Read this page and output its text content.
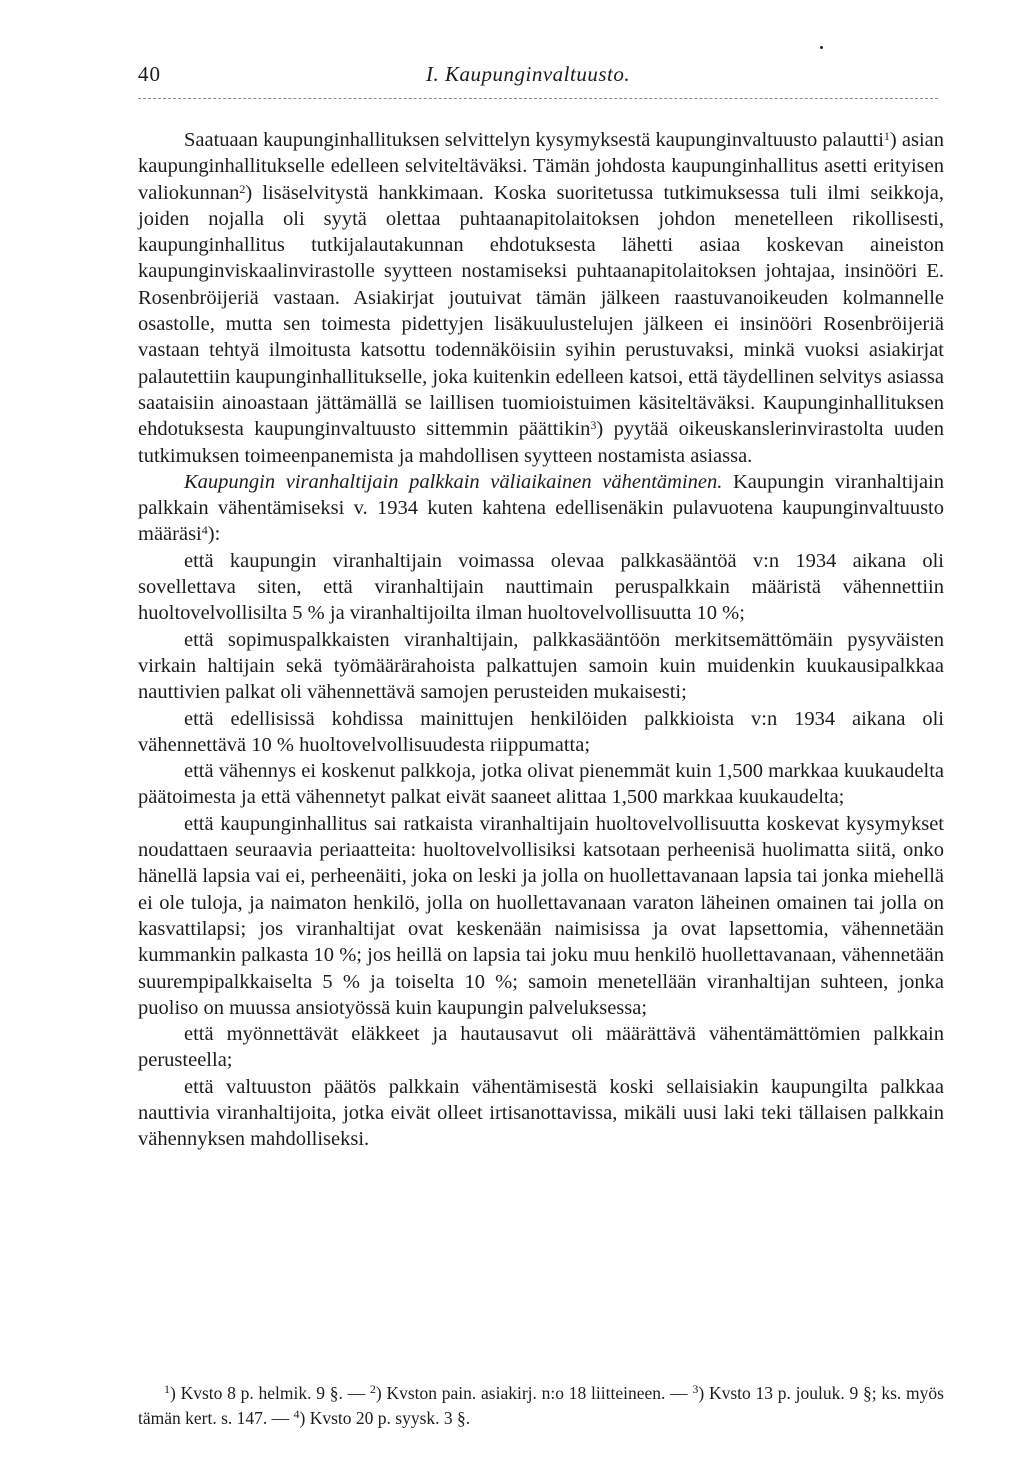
40	I. Kaupunginvaltuusto.

Saatuaan kaupunginhallituksen selvittelyn kysymyksestä kaupunginvaltuusto palautti$^1$) asian kaupunginhallitukselle edelleen selviteltäväksi. Tämän johdosta kaupunginhallitus asetti erityisen valiokunnan$^2$) lisäselvitystä hankkimaan. Koska suoritetussa tutkimuksessa tuli ilmi seikkoja, joiden nojalla oli syytä olettaa puhtaanapitolaitoksen johdon menetelleen rikollisesti, kaupunginhallitus tutkijalautakunnan ehdotuksesta lähetti asiaa koskevan aineiston kaupunginviskaalinvirastolle syytteen nostamiseksi puhtaanapitolaitoksen johtajaa, insinööri E. Rosenbröijeriä vastaan. Asiakirjat joutuivat tämän jälkeen raastuvanoikeuden kolmannelle osastolle, mutta sen toimesta pidettyjen lisäkuulustelujen jälkeen ei insinööri Rosenbröijeriä vastaan tehtyä ilmoitusta katsottu todennäköisiin syihin perustuvaksi, minkä vuoksi asiakirjat palautettiin kaupunginhallitukselle, joka kuitenkin edelleen katsoi, että täydellinen selvitys asiassa saataisiin ainoastaan jättämällä se laillisen tuomioistuimen käsiteltäväksi. Kaupunginhallituksen ehdotuksesta kaupunginvaltuusto sittemmin päättikin$^3$) pyytää oikeuskanslerinvirastolta uuden tutkimuksen toimeenpanemista ja mahdollisen syytteen nostamista asiassa.

Kaupungin viranhaltijain palkkain väliaikainen vähentäminen. Kaupungin viranhaltijain palkkain vähentämiseksi v. 1934 kuten kahtena edellisenäkin pulavuotena kaupunginvaltuusto määräsi$^4$):

että kaupungin viranhaltijain voimassa olevaa palkkasääntöä v:n 1934 aikana oli sovellettava siten, että viranhaltijain nauttimain peruspalkkain määristä vähennettiin huoltovelvollisilta 5 % ja viranhaltijoilta ilman huoltovelvollisuutta 10 %;

että sopimuspalkkaisten viranhaltijain, palkkasääntöön merkitsemättömäin pysyväisten virkain haltijain sekä työmäärärahoista palkattujen samoin kuin muidenkin kuukausipalkkaa nauttivien palkat oli vähennettävä samojen perusteiden mukaisesti;

että edellisissä kohdissa mainittujen henkilöiden palkkioista v:n 1934 aikana oli vähennettävä 10 % huoltovelvollisuudesta riippumatta;

että vähennys ei koskenut palkkoja, jotka olivat pienemmät kuin 1,500 markkaa kuukaudelta päätoimesta ja että vähennetyt palkat eivät saaneet alittaa 1,500 markkaa kuukaudelta;

että kaupunginhallitus sai ratkaista viranhaltijain huoltovelvollisuutta koskevat kysymykset noudattaen seuraavia periaatteita: huoltovelvollisiksi katsotaan perheenisä huolimatta siitä, onko hänellä lapsia vai ei, perheenäiti, joka on leski ja jolla on huollettavanaan lapsia tai jonka miehellä ei ole tuloja, ja naimaton henkilö, jolla on huollettavanaan varaton läheinen omainen tai jolla on kasvattilapsi; jos viranhaltijat ovat keskenään naimisissa ja ovat lapsettomia, vähennetään kummankin palkasta 10 %; jos heillä on lapsia tai joku muu henkilö huollettavanaan, vähennetään suurempipalkkaiselta 5 % ja toiselta 10 %; samoin menetellään viranhaltijan suhteen, jonka puoliso on muussa ansiotyössä kuin kaupungin palveluksessa;

että myönnettävät eläkkeet ja hautausavut oli määrättävä vähentämättömien palkkain perusteella;

että valtuuston päätös palkkain vähentämisestä koski sellaisiakin kaupungilta palkkaa nauttivia viranhaltijoita, jotka eivät olleet irtisanottavissa, mikäli uusi laki teki tällaisen palkkain vähennyksen mahdolliseksi.

$^1$) Kvsto 8 p. helmik. 9 §. — $^2$) Kvston pain. asiakirj. n:o 18 liitteineen. — $^3$) Kvsto 13 p. jouluk. 9 §; ks. myös tämän kert. s. 147. — $^4$) Kvsto 20 p. syysk. 3 §.
